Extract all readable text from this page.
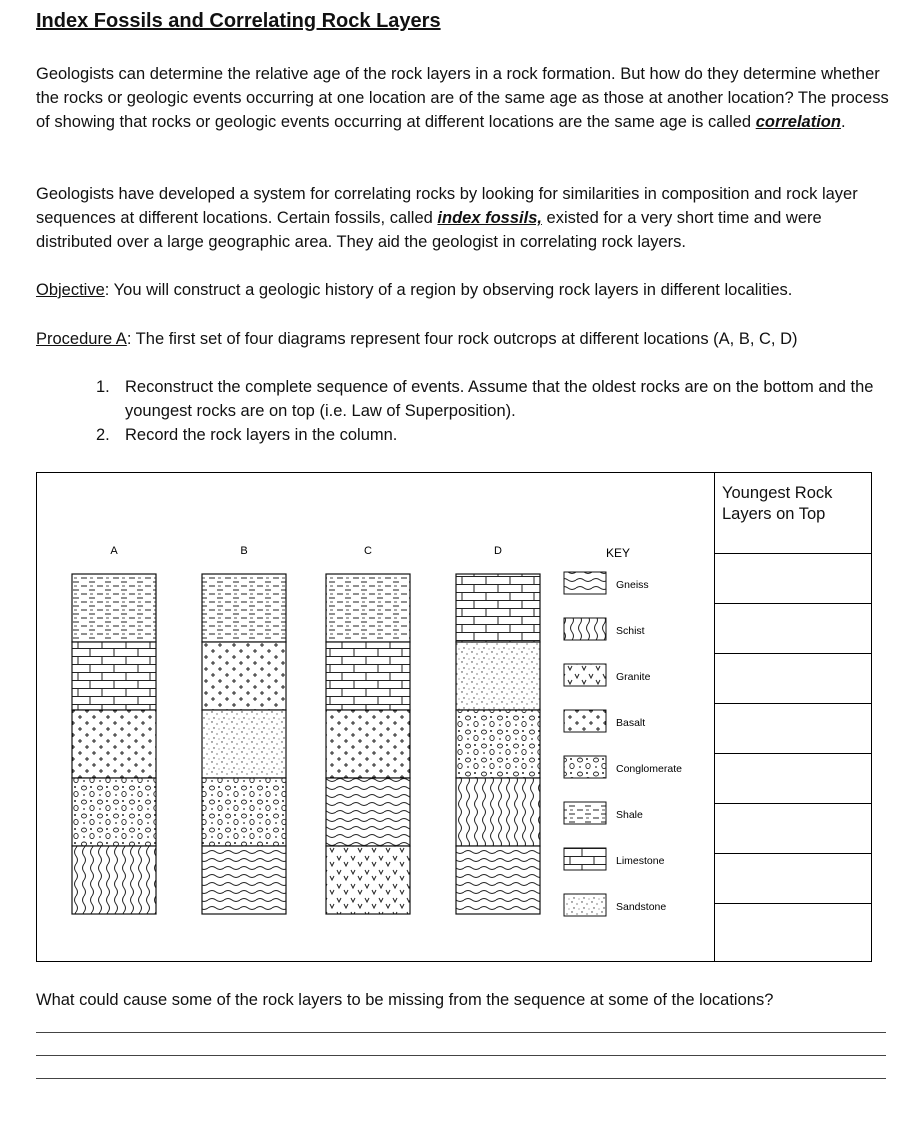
Index Fossils and Correlating Rock Layers

Geologists can determine the relative age of the rock layers in a rock formation. But how do they determine whether the rocks or geologic events occurring at one location are of the same age as those at another location? The process of showing that rocks or geologic events occurring at different locations are the same age is called correlation.

Geologists have developed a system for correlating rocks by looking for similarities in composition and rock layer sequences at different locations. Certain fossils, called index fossils, existed for a very short time and were distributed over a large geographic area. They aid the geologist in correlating rock layers.

Objective: You will construct a geologic history of a region by observing rock layers in different localities.

Procedure A: The first set of four diagrams represent four rock outcrops at different locations (A, B, C, D)

1. Reconstruct the complete sequence of events. Assume that the oldest rocks are on the bottom and the youngest rocks are on top (i.e. Law of Superposition).
2. Record the rock layers in the column.
Youngest Rock Layers on Top
A	B	C	D	KEY
Gneiss
Schist
Granite
Basalt
Conglomerate
Shale
Limestone
Sandstone
What could cause some of the rock layers to be missing from the sequence at some of the locations?
